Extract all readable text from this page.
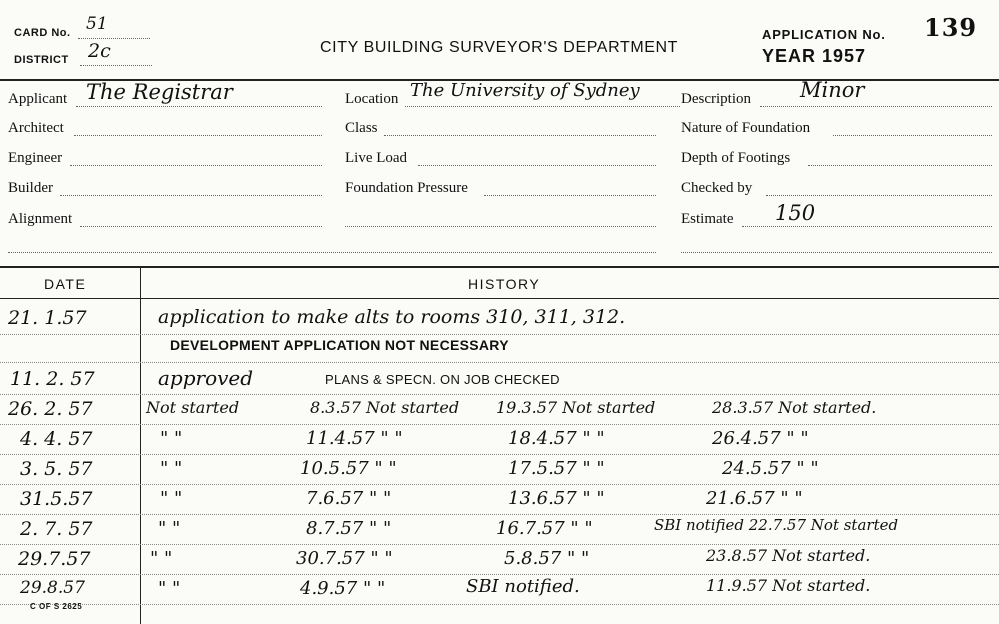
CARD No. 51
DISTRICT 2c	CITY BUILDING SURVEYOR'S DEPARTMENT
APPLICATION No. 139
YEAR 1957
Applicant The Registrar	Location The University of Sydney	Description Minor
Architect	Class	Nature of Foundation
Engineer	Live Load	Depth of Footings
Builder	Foundation Pressure	Checked by
Alignment	Estimate 150
DATE	HISTORY
21. 1.57	application to make alts to rooms 310, 311, 312.
DEVELOPMENT APPLICATION NOT NECESSARY
11. 2. 57	approved	PLANS & SPECN. ON JOB CHECKED
26. 2. 57	Not started	8.3.57 Not started 19.3.57 Not started	28.3.57 Not started.
4. 4. 57	" "	11.4.57 " "	18.4.57 " "	26.4.57 " "
3. 5. 57	" "	10.5.57 " "	17.5.57 " "	24.5.57 " "
31.5.57	" "	7.6.57 " "	13.6.57 " "	21.6.57 " "
2. 7. 57	" "	8.7.57 " "	16.7.57 " "	SBI notified 22.7.57 Not started
29.7.57	" "	30.7.57 " "	5.8.57 " "	23.8.57 Not started.
29.8.57	" "	4.9.57 " "	SBI notified.	11.9.57 Not started.
C OF S 2625
